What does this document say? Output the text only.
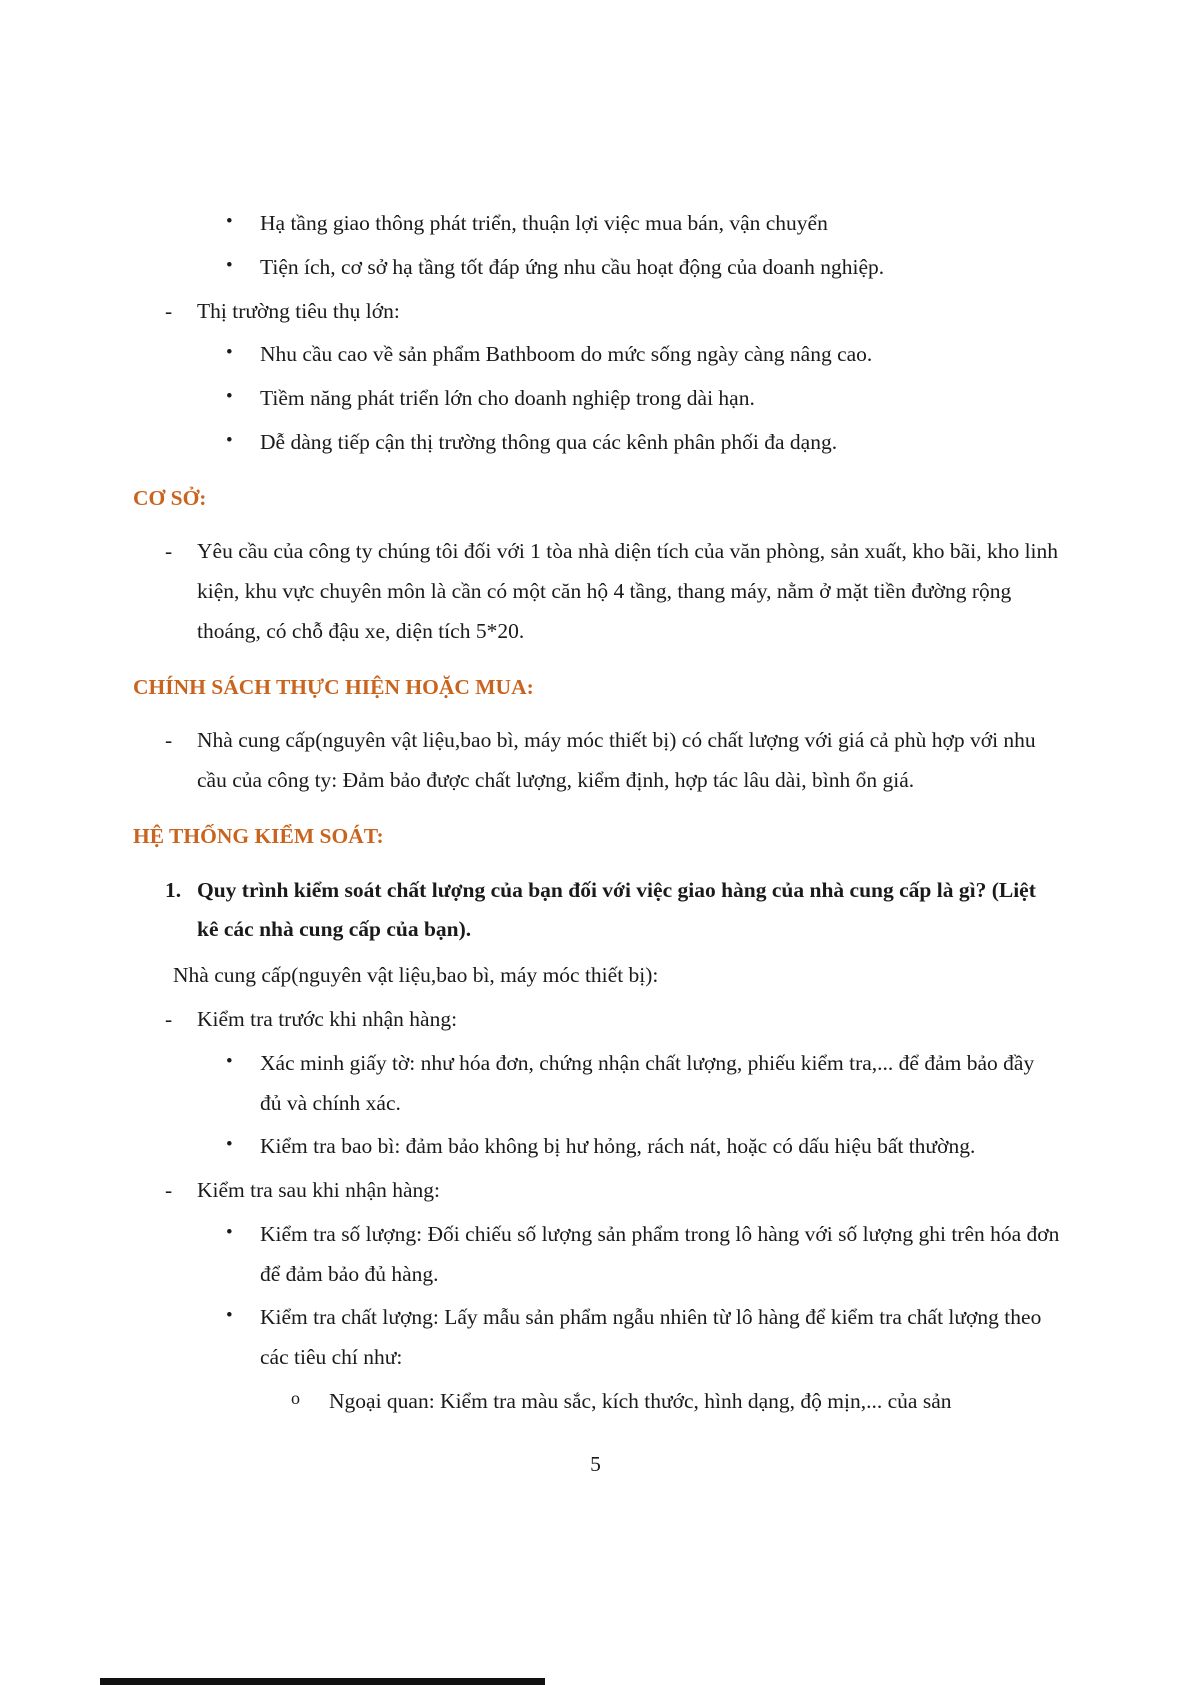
• Hạ tầng giao thông phát triển, thuận lợi việc mua bán, vận chuyển
• Tiện ích, cơ sở hạ tầng tốt đáp ứng nhu cầu hoạt động của doanh nghiệp.
- Thị trường tiêu thụ lớn:
• Nhu cầu cao về sản phẩm Bathboom do mức sống ngày càng nâng cao.
• Tiềm năng phát triển lớn cho doanh nghiệp trong dài hạn.
• Dễ dàng tiếp cận thị trường thông qua các kênh phân phối đa dạng.
CƠ SỞ:
- Yêu cầu của công ty chúng tôi đối với 1 tòa nhà diện tích của văn phòng, sản xuất, kho bãi, kho linh kiện, khu vực chuyên môn là cần có một căn hộ 4 tầng, thang máy, nằm ở mặt tiền đường rộng thoáng, có chỗ đậu xe, diện tích 5*20.
CHÍNH SÁCH THỰC HIỆN HOẶC MUA:
- Nhà cung cấp(nguyên vật liệu,bao bì, máy móc thiết bị) có chất lượng với giá cả phù hợp với nhu cầu của công ty: Đảm bảo được chất lượng, kiểm định, hợp tác lâu dài, bình ổn giá.
HỆ THỐNG KIỂM SOÁT:
1. Quy trình kiểm soát chất lượng của bạn đối với việc giao hàng của nhà cung cấp là gì? (Liệt kê các nhà cung cấp của bạn).
Nhà cung cấp(nguyên vật liệu,bao bì, máy móc thiết bị):
- Kiểm tra trước khi nhận hàng:
• Xác minh giấy tờ: như hóa đơn, chứng nhận chất lượng, phiếu kiểm tra,... để đảm bảo đầy đủ và chính xác.
• Kiểm tra bao bì: đảm bảo không bị hư hỏng, rách nát, hoặc có dấu hiệu bất thường.
- Kiểm tra sau khi nhận hàng:
• Kiểm tra số lượng: Đối chiếu số lượng sản phẩm trong lô hàng với số lượng ghi trên hóa đơn để đảm bảo đủ hàng.
• Kiểm tra chất lượng: Lấy mẫu sản phẩm ngẫu nhiên từ lô hàng để kiểm tra chất lượng theo các tiêu chí như:
o Ngoại quan: Kiểm tra màu sắc, kích thước, hình dạng, độ mịn,... của sản
5
